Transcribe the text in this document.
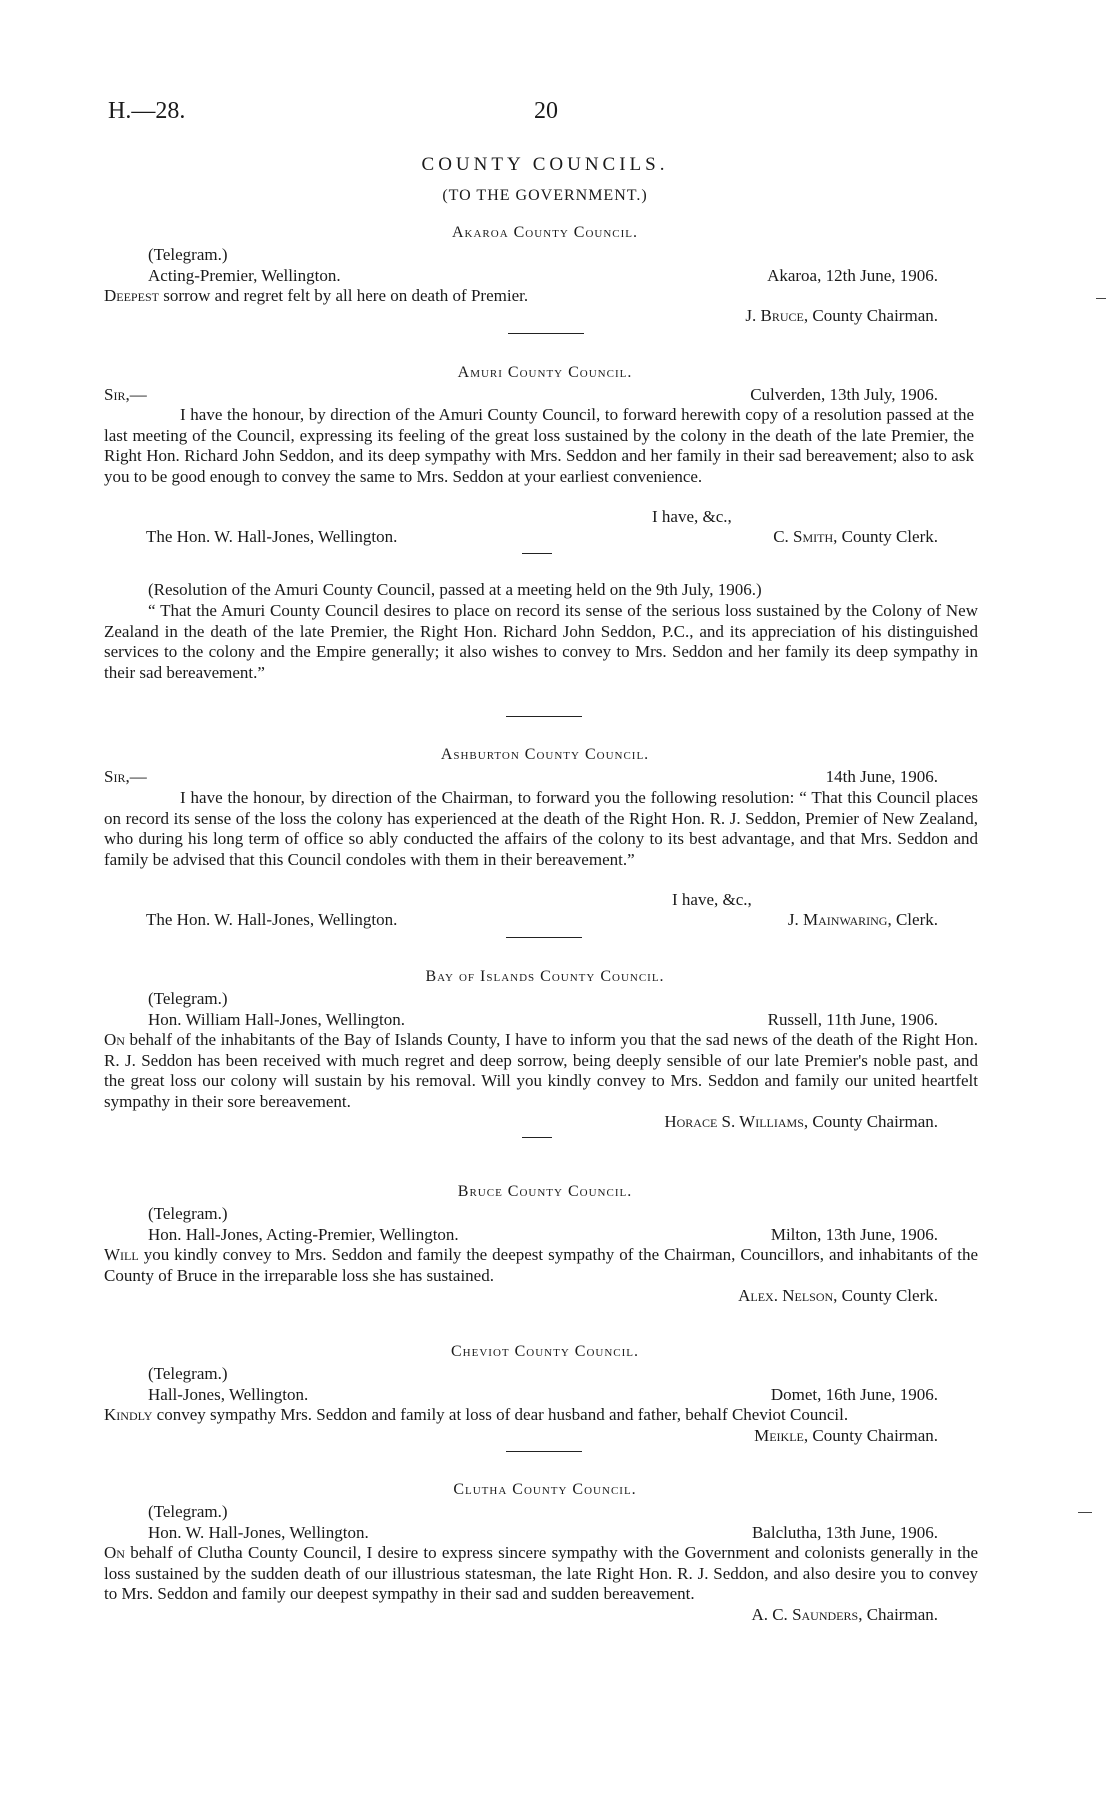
H.—28.	20
COUNTY COUNCILS.
(TO THE GOVERNMENT.)
Akaroa County Council.
(Telegram.)
Acting-Premier, Wellington.	Akaroa, 12th June, 1906.
Deepest sorrow and regret felt by all here on death of Premier.
J. Bruce, County Chairman.
Amuri County Council.
Sir,—	Culverden, 13th July, 1906.
I have the honour, by direction of the Amuri County Council, to forward herewith copy of a resolution passed at the last meeting of the Council, expressing its feeling of the great loss sustained by the colony in the death of the late Premier, the Right Hon. Richard John Seddon, and its deep sympathy with Mrs. Seddon and her family in their sad bereavement; also to ask you to be good enough to convey the same to Mrs. Seddon at your earliest convenience.
I have, &c.,
The Hon. W. Hall-Jones, Wellington.	C. Smith, County Clerk.
(Resolution of the Amuri County Council, passed at a meeting held on the 9th July, 1906.)
“ That the Amuri County Council desires to place on record its sense of the serious loss sustained by the Colony of New Zealand in the death of the late Premier, the Right Hon. Richard John Seddon, P.C., and its appreciation of his distinguished services to the colony and the Empire generally; it also wishes to convey to Mrs. Seddon and her family its deep sympathy in their sad bereavement.”
Ashburton County Council.
Sir,—	14th June, 1906.
I have the honour, by direction of the Chairman, to forward you the following resolution: “ That this Council places on record its sense of the loss the colony has experienced at the death of the Right Hon. R. J. Seddon, Premier of New Zealand, who during his long term of office so ably conducted the affairs of the colony to its best advantage, and that Mrs. Seddon and family be advised that this Council condoles with them in their bereavement.”
I have, &c.,
The Hon. W. Hall-Jones, Wellington.	J. Mainwaring, Clerk.
Bay of Islands County Council.
(Telegram.)
Hon. William Hall-Jones, Wellington.	Russell, 11th June, 1906.
On behalf of the inhabitants of the Bay of Islands County, I have to inform you that the sad news of the death of the Right Hon. R. J. Seddon has been received with much regret and deep sorrow, being deeply sensible of our late Premier's noble past, and the great loss our colony will sustain by his removal. Will you kindly convey to Mrs. Seddon and family our united heartfelt sympathy in their sore bereavement.
Horace S. Williams, County Chairman.
Bruce County Council.
(Telegram.)
Hon. Hall-Jones, Acting-Premier, Wellington.	Milton, 13th June, 1906.
Will you kindly convey to Mrs. Seddon and family the deepest sympathy of the Chairman, Councillors, and inhabitants of the County of Bruce in the irreparable loss she has sustained.
Alex. Nelson, County Clerk.
Cheviot County Council.
(Telegram.)
Hall-Jones, Wellington.	Domet, 16th June, 1906.
Kindly convey sympathy Mrs. Seddon and family at loss of dear husband and father, behalf Cheviot Council.
Meikle, County Chairman.
Clutha County Council.
(Telegram.)
Hon. W. Hall-Jones, Wellington.	Balclutha, 13th June, 1906.
On behalf of Clutha County Council, I desire to express sincere sympathy with the Government and colonists generally in the loss sustained by the sudden death of our illustrious statesman, the late Right Hon. R. J. Seddon, and also desire you to convey to Mrs. Seddon and family our deepest sympathy in their sad and sudden bereavement.
A. C. Saunders, Chairman.
